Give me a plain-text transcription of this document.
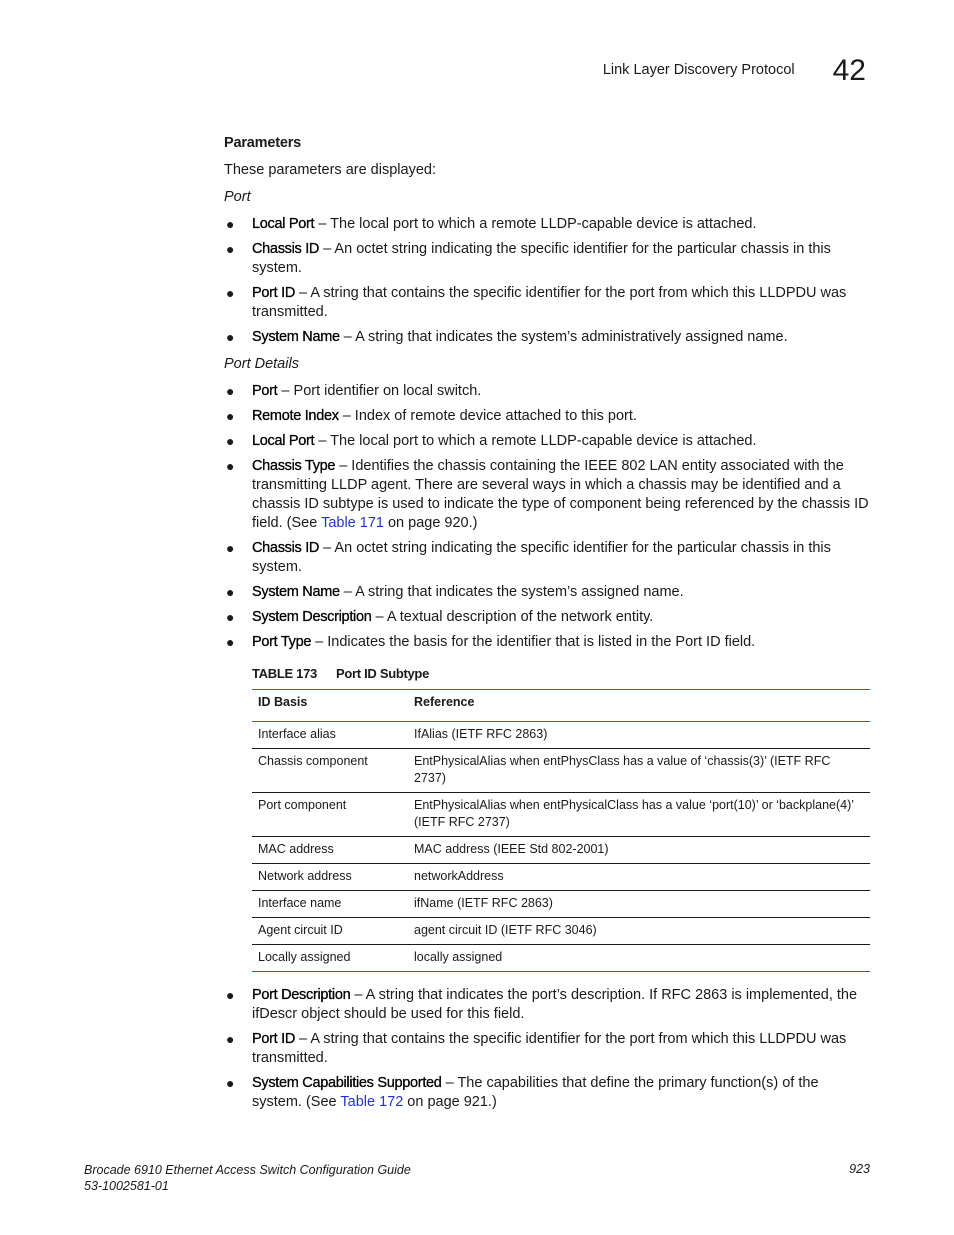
Link Layer Discovery Protocol 42
Parameters
These parameters are displayed:
Port
● Local Port – The local port to which a remote LLDP-capable device is attached.
● Chassis ID – An octet string indicating the specific identifier for the particular chassis in this system.
● Port ID – A string that contains the specific identifier for the port from which this LLDPDU was transmitted.
● System Name – A string that indicates the system’s administratively assigned name.
Port Details
● Port – Port identifier on local switch.
● Remote Index – Index of remote device attached to this port.
● Local Port – The local port to which a remote LLDP-capable device is attached.
● Chassis Type – Identifies the chassis containing the IEEE 802 LAN entity associated with the transmitting LLDP agent. There are several ways in which a chassis may be identified and a chassis ID subtype is used to indicate the type of component being referenced by the chassis ID field. (See Table 171 on page 920.)
● Chassis ID – An octet string indicating the specific identifier for the particular chassis in this system.
● System Name – A string that indicates the system’s assigned name.
● System Description – A textual description of the network entity.
● Port Type – Indicates the basis for the identifier that is listed in the Port ID field.
TABLE 173	Port ID Subtype
ID Basis	Reference
Interface alias	IfAlias (IETF RFC 2863)
Chassis component	EntPhysicalAlias when entPhysClass has a value of ‘chassis(3)’ (IETF RFC 2737)
Port component	EntPhysicalAlias when entPhysicalClass has a value ‘port(10)’ or ‘backplane(4)’ (IETF RFC 2737)
MAC address	MAC address (IEEE Std 802-2001)
Network address	networkAddress
Interface name	ifName (IETF RFC 2863)
Agent circuit ID	agent circuit ID (IETF RFC 3046)
Locally assigned	locally assigned
● Port Description – A string that indicates the port’s description. If RFC 2863 is implemented, the ifDescr object should be used for this field.
● Port ID – A string that contains the specific identifier for the port from which this LLDPDU was transmitted.
● System Capabilities Supported – The capabilities that define the primary function(s) of the system. (See Table 172 on page 921.)
Brocade 6910 Ethernet Access Switch Configuration Guide
53-1002581-01
923
